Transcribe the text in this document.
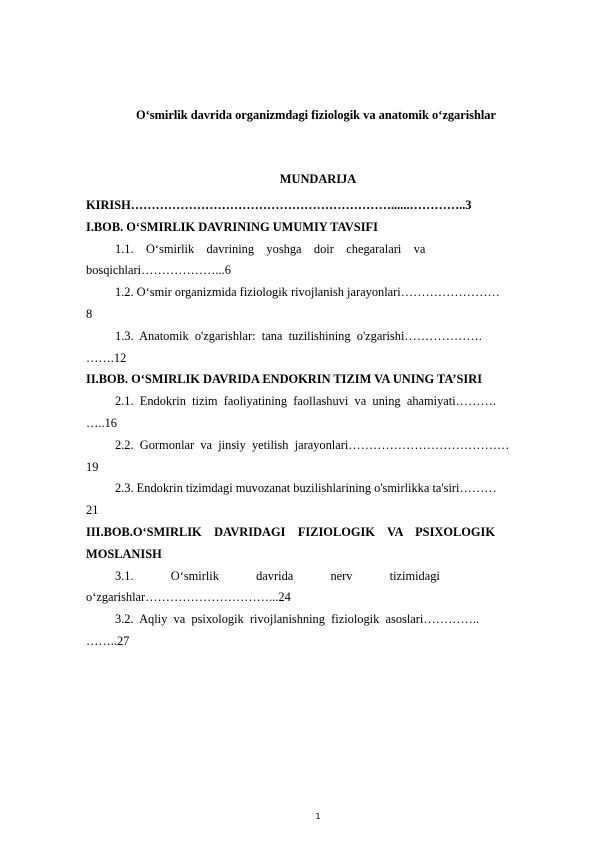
O‘smirlik davrida organizmdagi fiziologik va anatomik o‘zgarishlar
MUNDARIJA
KIRISH………………………………………………………......…………..3
I.BOB. O‘SMIRLIK DAVRINING UMUMIY TAVSIFI
1.1.    O‘smirlik    davrining    yoshga    doir    chegaralari    va
bosqichlari………………...6
1.2. O‘smir organizmida fiziologik rivojlanish jarayonlari……………………
8
1.3.  Anatomik  o'zgarishlar:  tana  tuzilishining  o'zgarishi……………….
…….12
II.BOB. O‘SMIRLIK DAVRIDA ENDOKRIN TIZIM VA UNING TA’SIRI
2.1.  Endokrin  tizim  faoliyatining  faollashuvi  va  uning  ahamiyati……….
…..16
2.2.  Gormonlar  va  jinsiy  yetilish  jarayonlari…………………………………
19
2.3. Endokrin tizimdagi muvozanat buzilishlarining o'smirlikka ta'siri………
21
III.BOB.O‘SMIRLIK    DAVRIDAGI    FIZIOLOGIK    VA    PSIXOLOGIK
MOSLANISH
3.1.            O‘smirlik            davrida            nerv            tizimidagi
o‘zgarishlar…………………………...24
3.2.  Aqliy  va  psixologik  rivojlanishning  fiziologik  asoslari…………..
……..27
1
